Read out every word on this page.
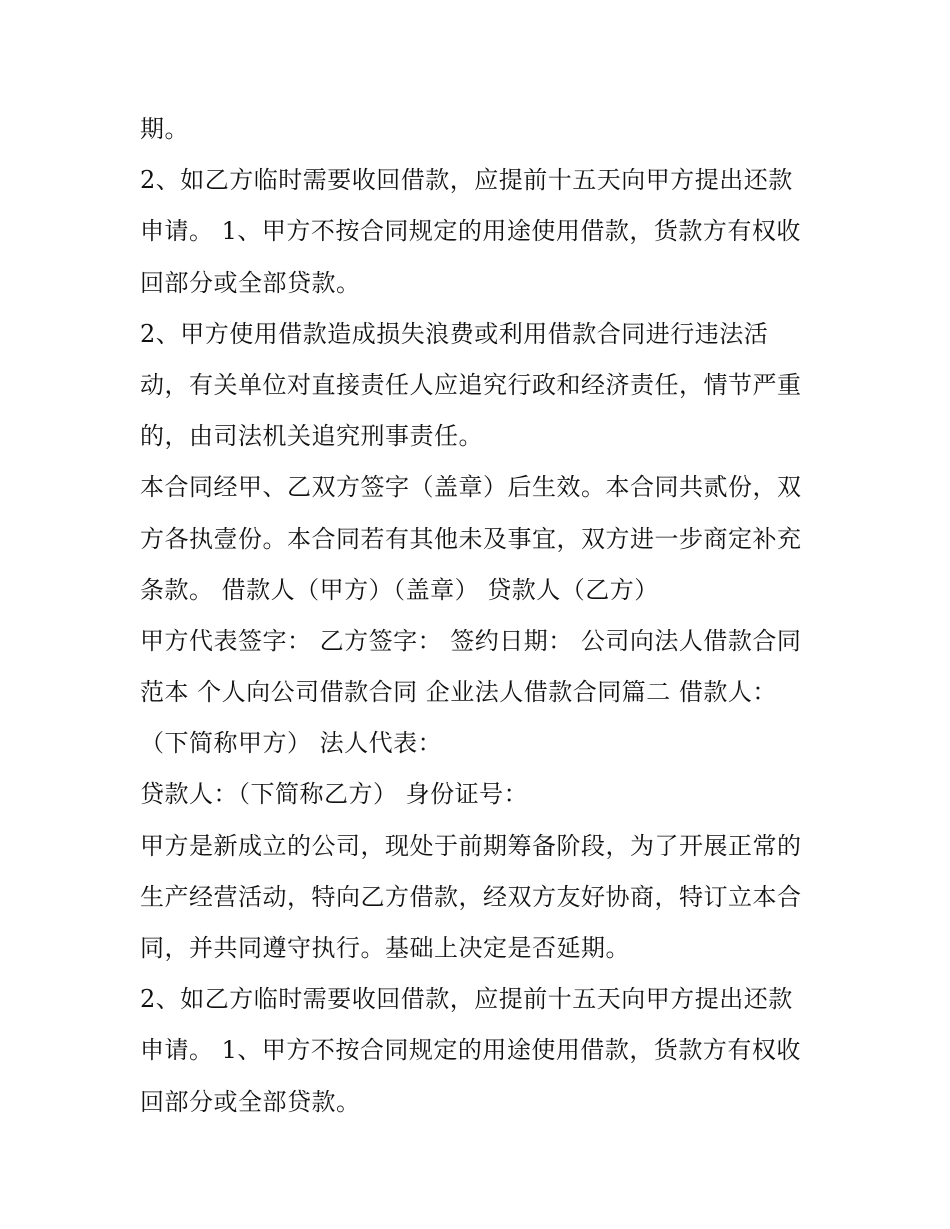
期。
2、如乙方临时需要收回借款，应提前十五天向甲方提出还款
申请。 1、甲方不按合同规定的用途使用借款，货款方有权收
回部分或全部贷款。
2、甲方使用借款造成损失浪费或利用借款合同进行违法活
动，有关单位对直接责任人应追究行政和经济责任，情节严重
的，由司法机关追究刑事责任。
本合同经甲、乙双方签字（盖章）后生效。本合同共贰份，双
方各执壹份。本合同若有其他未及事宜，双方进一步商定补充
条款。 借款人（甲方）（盖章） 贷款人（乙方）
甲方代表签字： 乙方签字： 签约日期： 公司向法人借款合同
范本 个人向公司借款合同 企业法人借款合同篇二 借款人：
（下简称甲方） 法人代表：
贷款人：（下简称乙方） 身份证号：
甲方是新成立的公司，现处于前期筹备阶段，为了开展正常的
生产经营活动，特向乙方借款，经双方友好协商，特订立本合
同，并共同遵守执行。基础上决定是否延期。
2、如乙方临时需要收回借款，应提前十五天向甲方提出还款
申请。 1、甲方不按合同规定的用途使用借款，货款方有权收
回部分或全部贷款。
